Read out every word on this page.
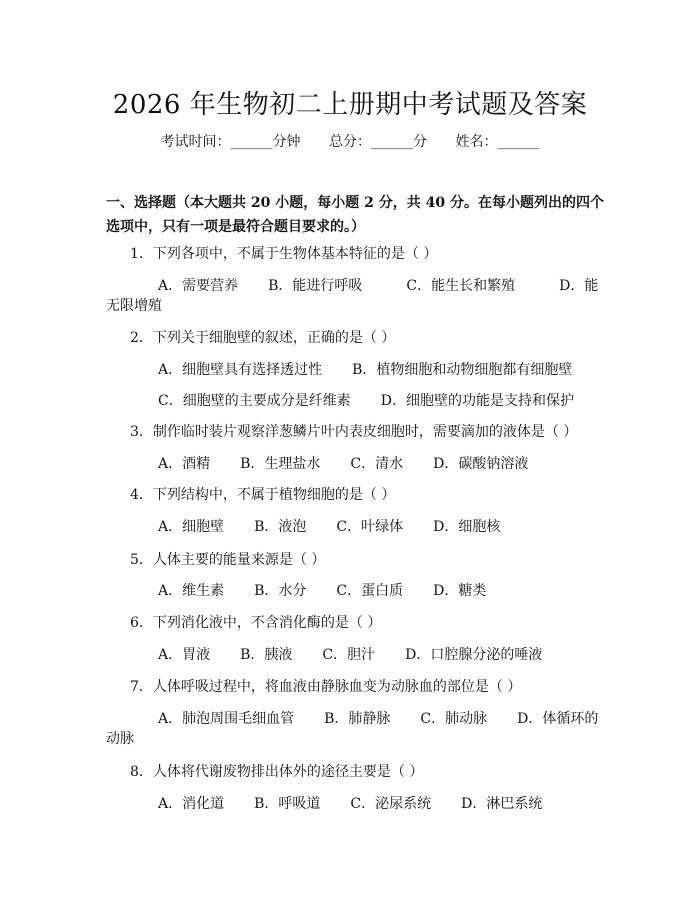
2026 年生物初二上册期中考试题及答案
考试时间：______分钟 总分：______分 姓名：______
一、选择题（本大题共 20 小题，每小题 2 分，共 40 分。在每小题列出的四个选项中，只有一项是最符合题目要求的。）
1．下列各项中，不属于生物体基本特征的是（ ）
A．需要营养 B．能进行呼吸	C．能生长和繁殖	D．能无限增殖
2．下列关于细胞壁的叙述，正确的是（ ）
A．细胞壁具有选择透过性 B．植物细胞和动物细胞都有细胞壁
C．细胞壁的主要成分是纤维素 D．细胞壁的功能是支持和保护
3．制作临时装片观察洋葱鳞片叶内表皮细胞时，需要滴加的液体是（ ）
A．酒精 B．生理盐水 C．清水 D．碳酸钠溶液
4．下列结构中，不属于植物细胞的是（ ）
A．细胞壁 B．液泡 C．叶绿体 D．细胞核
5．人体主要的能量来源是（ ）
A．维生素 B．水分 C．蛋白质 D．糖类
6．下列消化液中，不含消化酶的是（ ）
A．胃液 B．胰液 C．胆汁 D．口腔腺分泌的唾液
7．人体呼吸过程中，将血液由静脉血变为动脉血的部位是（ ）
A．肺泡周围毛细血管 B．肺静脉 C．肺动脉 D．体循环的动脉
8．人体将代谢废物排出体外的途径主要是（ ）
A．消化道 B．呼吸道 C．泌尿系统 D．淋巴系统
